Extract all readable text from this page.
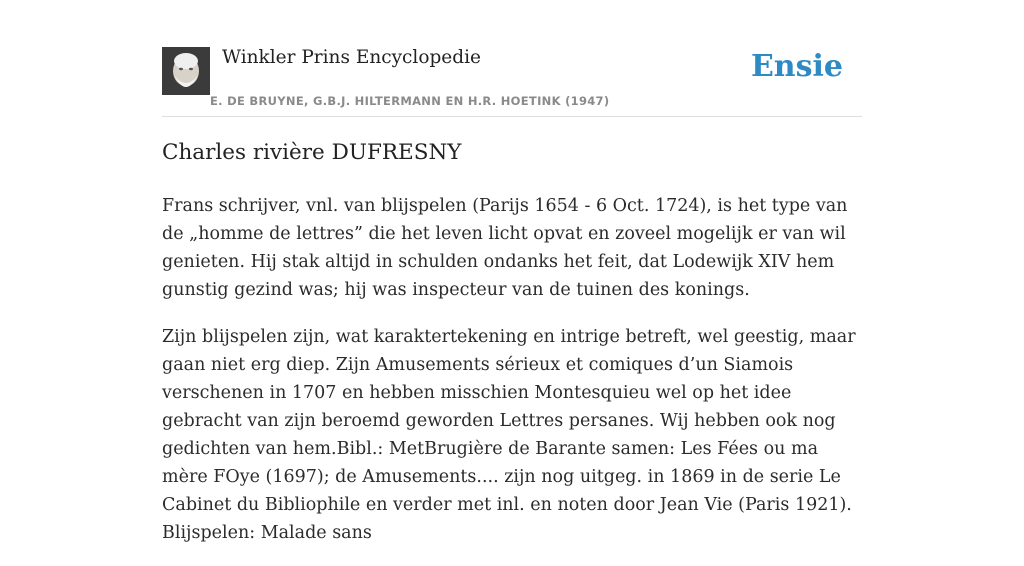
Winkler Prins Encyclopedie
E. DE BRUYNE, G.B.J. HILTERMANN EN H.R. HOETINK (1947)
Ensie
Charles rivière DUFRESNY

Frans schrijver, vnl. van blijspelen (Parijs 1654 - 6 Oct. 1724), is het type van de „homme de lettres” die het leven licht opvat en zoveel mogelijk er van wil genieten. Hij stak altijd in schulden ondanks het feit, dat Lodewijk XIV hem gunstig gezind was; hij was inspecteur van de tuinen des konings.

Zijn blijspelen zijn, wat karaktertekening en intrige betreft, wel geestig, maar gaan niet erg diep. Zijn Amusements sérieux et comiques d’un Siamois verschenen in 1707 en hebben misschien Montesquieu wel op het idee gebracht van zijn beroemd geworden Lettres persanes. Wij hebben ook nog gedichten van hem.Bibl.: MetBrugière de Barante samen: Les Fées ou ma mère FOye (1697); de Amusements.... zijn nog uitgeg. in 1869 in de serie Le Cabinet du Bibliophile en verder met inl. en noten door Jean Vie (Paris 1921). Blijspelen: Malade sans
